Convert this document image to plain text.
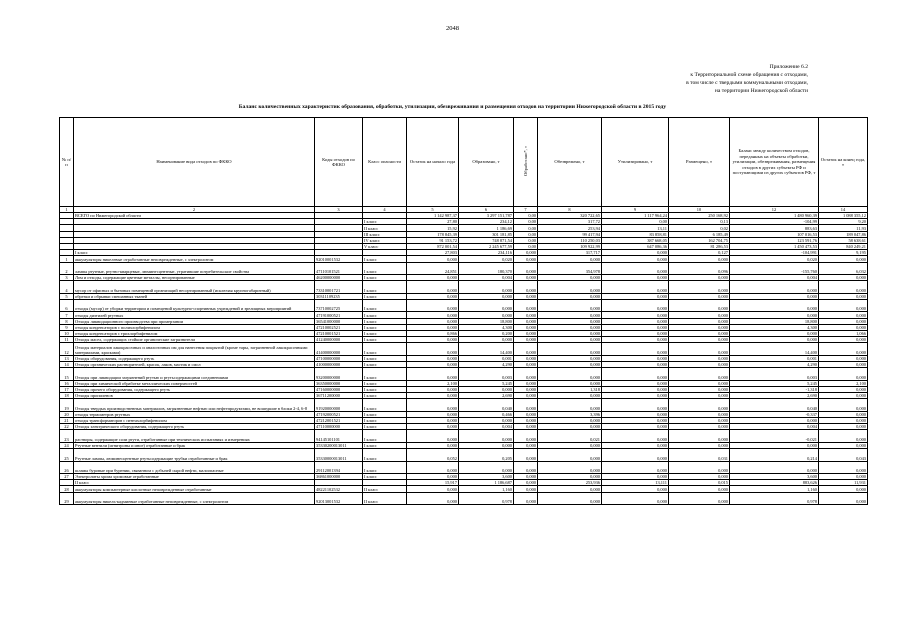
2048
Приложение 6.2
к Территориальной схеме обращения с отходами,
в том числе с твердыми коммунальными отходами,
на территории Нижегородской области
Баланс количественных характеристик образования, обработки, утилизации, обезвреживания и размещения отходов на территории Нижегородской области в 2015 году
№ п/п	Наименование вида отходов по ФККО	Коды отходов по ФККО	Класс опасности	Остаток на начало года	Образовано, т	Обработано*, т	Обезврежено, т	Утилизировано, т	Размещено, т	Баланс между количеством отходов, переданных на объекты обработки, утилизации, обезвреживания, размещения отходов в других субъекты РФ и поступающими из других субъектов РФ, т	Остаток на конец года, т
1	2	3	4	5	6	7	8	9	10	12	14
	ВСЕГО по Нижегородской области			1 142 987,37	3 297 151,787	0,00	320 722,65	1 117 964,24	250 168,92	1 480 960,39	1 088 355,12
			I класс	27,80	234,12	0,00	317,72	0,00	0,13	-104,99	9,20
			II класс	15,92	1 186,69	0,00	253,94	13,11	0,02	883,63	11,93
			III класс	178 845,39	301 181,85	0,00	99 417,94	83 858,81	6 185,49	107 016,53	189 047,86
			IV класс	91 153,72	748 871,54	0,00	110 250,03	387 668,05	162 704,75	123 591,76	58 638,61
			V класс	872 001,54	2 245 677,59	0,00	109 922,99	647 086,36	81 286,53	1 450 473,53	840 249,21
	I класс			27,803	234,116	0,000	317,717	0,000	0,127	-104,991	9,195
1	аккумуляторы никелевые отработанные неповрежденные, с электролитом	92010001532	I класс	0,000	0,020	0,000	0,000	0,000	0,000	0,020	0,000
2	лампы ртутные, ртутно-кварцевые, люминесцентные, утратившие потребительские свойства	47110101521	I класс	24,851	180,370	0,000	354,978	0,000	0,096	-155,760	6,032
3	Лом и отходы, содержащие цветные металлы, несортированные	46200000000	I класс	0,000	0,004	0,000	0,000	0,000	0,000	0,004	0,000
4	мусор от офисных и бытовых помещений организаций несортированный (исключая крупногабаритный)	73310001721	I класс	0,000	0,000	0,000	0,000	0,000	0,000	0,000	0,000
5	обрезки и обрывки смешанных тканей	30311109235	I класс	0,000	0,000	0,000	0,000	0,000	0,000	0,000	0,000
6	отходы (мусор) от уборки территории и помещений культурно-спортивных учреждений и зрелищных мероприятий	73710002725	I класс	0,000	0,000	0,000	0,000	0,000	0,000	0,000	0,000
7	отходы диэтилей ртутных	47191000521	I класс	0,000	0,000	0,000	0,000	0,000	0,000	0,000	0,000
8	Отходы ликвидационного производства при промерзании	36541000000	I класс	0,000	18,800	0,000	0,000	0,000	0,000	18,800	0,000
9	отходы конденсаторов с полихлорбифенилом	47210002521	I класс	0,000	4,300	0,000	0,000	0,000	0,000	4,300	0,000
10	отходы конденсаторов с трихлорбифенилом	47210001521	I класс	0,866	0,200	0,000	0,000	0,000	0,000	0,000	1,066
11	Отходы масел, содержащих стойкие органические загрязнители	41240000000	I класс	0,000	0,000	0,000	0,000	0,000	0,000	0,000	0,000
12	Отходы материалов лакокрасочных и аналогичных им для нанесения покрытий (кроме тары, загрязненной лакокрасочными материалами, красками)	41400000000	I класс	0,000	14,400	0,000	0,000	0,000	0,000	14,400	0,000
13	Отходы оборудования, содержащего ртуть	47100000000	I класс	0,000	0,001	0,000	0,000	0,000	0,000	0,001	0,000
14	Отходы органических растворителей, красок, лаков, мастик и смол	41000000000	I класс	0,000	4,290	0,000	0,000	0,000	0,000	4,290	0,000
15	Отходы при ликвидации загрязнений ртутью и ртутьсодержащими соединениями	93200000000	I класс	0,000	0,003	0,000	0,000	0,000	0,000	0,003	0,000
16	Отходы при химической обработке металлических поверхностей	36350000000	I класс	2,100	5,245	0,000	0,000	0,000	0,000	5,245	2,100
17	Отходы прочего оборудования, содержащего ртуть	47160000000	I класс	0,000	0,000	0,000	1,318	0,000	0,000	-1,318	0,000
18	Отходы пропиленов	36711200000	I класс	0,000	2,690	0,000	0,000	0,000	0,000	2,690	0,000
19	Отходы твердых производственных материалов, загрязненные нефтью или нефтепродуктами, не вошедшие в блоки 2-4, 6-8	91920000000	I класс	0,000	0,040	0,000	0,000	0,000	0,000	0,040	0,000
20	отходы термометров ртутных	47192000521	I класс	0,000	0,466	0,000	3,396	0,000	0,000	-0,337	0,000
21	отходы трансформаторов с пентахлорбифенилом	47212001521	I класс	0,000	0,000	0,000	0,000	0,000	0,000	0,000	0,000
22	Отходы электрического оборудования, содержащего ртуть	47110000000	I класс	0,000	0,004	0,000	0,000	0,000	0,000	0,004	0,000
23	растворы, содержащие соли ртути, отработанные при технических испытаниях и измерениях	94145101101	I класс	0,000	0,000	0,000	0,021	0,000	0,000	-0,021	0,000
24	Ртутные вентили (игнитроны и иное) отработанные и брак	35330200013011	I класс	0,000	0,000	0,000	0,000	0,000	0,000	0,000	0,000
25	Ртутные лампы, люминесцентные ртутьсодержащие трубки отработанные и брак	35330000013011	I класс	0,052	0,205	0,000	0,000	0,000	0,031	0,214	0,043
26	шламы буровые при бурении, связанном с добычей сырой нефти, малоопасные	29112001394	I класс	0,000	0,000	0,000	0,000	0,000	0,000	0,000	0,000
27	Электролиты хрома хромовые отработанные	36861000000	I класс	0,000	3,600	0,000	0,000	0,000	0,000	3,600	0,000
	II класс			15,917	1 186,687	0,000	253,936	13,111	0,015	883,626	11,931
28	аккумуляторы компьютерные кислотные неповрежденные отработанные	48221102532	II класс	0,000	1,160	0,000	0,000	0,000	0,000	1,160	0,000
29	аккумуляторы никель-кадмиевые отработанные неповрежденные, с электролитом	92013001532	II класс	0,000	0,978	0,000	0,000	0,000	0,000	0,978	0,000
